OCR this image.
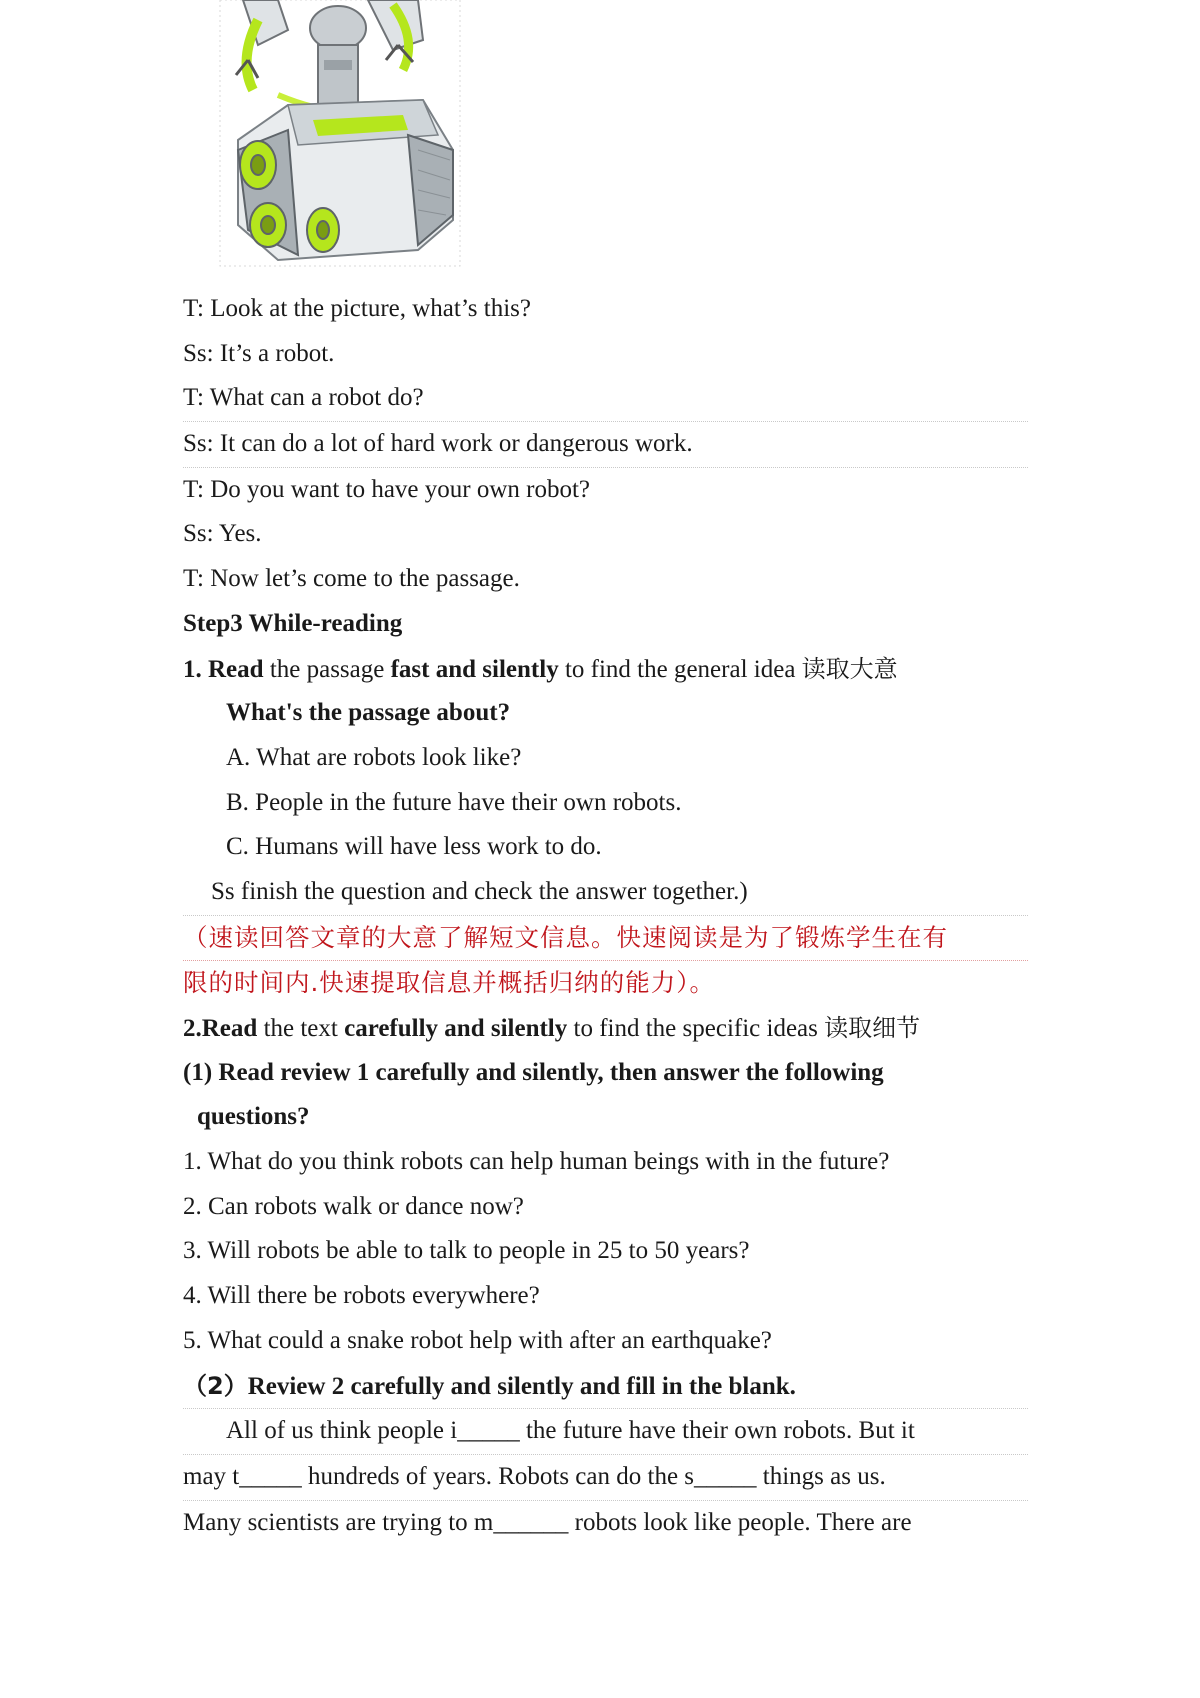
T: Look at the picture, what’s this?
Ss: It’s a robot.
T: What can a robot do?
Ss: It can do a lot of hard work or dangerous work.
T: Do you want to have your own robot?
Ss: Yes.
T: Now let’s come to the passage.
Step3 While-reading
1. Read the passage fast and silently to find the general idea 读取大意
What's the passage about?
A. What are robots look like?
B. People in the future have their own robots.
C. Humans will have less work to do.
Ss finish the question and check the answer together.)
（速读回答文章的大意了解短文信息。快速阅读是为了锻炼学生在有
限的时间内.快速提取信息并概括归纳的能力）。
2.Read the text carefully and silently to find the specific ideas 读取细节
(1) Read review 1 carefully and silently, then answer the following
questions?
1. What do you think robots can help human beings with in the future?
2. Can robots walk or dance now?
3. Will robots be able to talk to people in 25 to 50 years?
4. Will there be robots everywhere?
5. What could a snake robot help with after an earthquake?
（2）Review 2 carefully and silently and fill in the blank.
All of us think people i_____ the future have their own robots. But it
may t_____ hundreds of years. Robots can do the s_____ things as us.
Many scientists are trying to m______ robots look like people. There are
